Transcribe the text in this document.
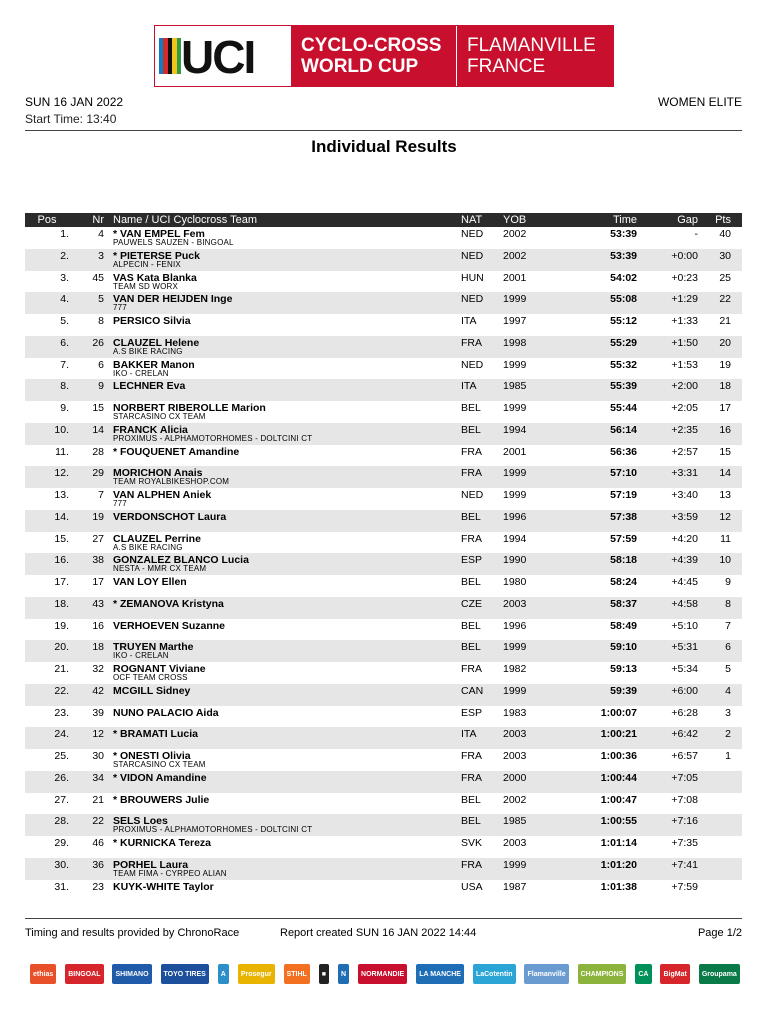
UCI CYCLO-CROSS
WORLD CUP
FLAMANVILLE
FRANCE
SUN 16 JAN 2022
Start Time: 13:40
WOMEN ELITE
Individual Results
Pos	Nr Name / UCI Cyclocross Team	NAT	YOB	Time	Gap	Pts
1.	4 * VAN EMPEL Fem	NED	2002	53:39	-	40
PAUWELS SAUZEN - BINGOAL
2.	3 * PIETERSE Puck	NED	2002	53:39	+0:00	30
ALPECIN - FENIX
3.	45 VAS Kata Blanka	HUN	2001	54:02	+0:23	25
TEAM SD WORX
4.	5 VAN DER HEIJDEN Inge	NED	1999	55:08	+1:29	22
777
5.	8 PERSICO Silvia	ITA	1997	55:12	+1:33	21
6.	26 CLAUZEL Helene	FRA	1998	55:29	+1:50	20
A.S BIKE RACING
7.	6 BAKKER Manon	NED	1999	55:32	+1:53	19
IKO - CRELAN
8.	9 LECHNER Eva	ITA	1985	55:39	+2:00	18
9.	15 NORBERT RIBEROLLE Marion	BEL	1999	55:44	+2:05	17
STARCASINO CX TEAM
10.	14 FRANCK Alicia	BEL	1994	56:14	+2:35	16
PROXIMUS - ALPHAMOTORHOMES - DOLTCINI CT
11.	28 * FOUQUENET Amandine	FRA	2001	56:36	+2:57	15
12.	29 MORICHON Anais	FRA	1999	57:10	+3:31	14
TEAM ROYALBIKESHOP.COM
13.	7 VAN ALPHEN Aniek	NED	1999	57:19	+3:40	13
777
14.	19 VERDONSCHOT Laura	BEL	1996	57:38	+3:59	12
15.	27 CLAUZEL Perrine	FRA	1994	57:59	+4:20	11
A.S BIKE RACING
16.	38 GONZALEZ BLANCO Lucia	ESP	1990	58:18	+4:39	10
NESTA - MMR CX TEAM
17.	17 VAN LOY Ellen	BEL	1980	58:24	+4:45	9
18.	43 * ZEMANOVA Kristyna	CZE	2003	58:37	+4:58	8
19.	16 VERHOEVEN Suzanne	BEL	1996	58:49	+5:10	7
20.	18 TRUYEN Marthe	BEL	1999	59:10	+5:31	6
IKO - CRELAN
21.	32 ROGNANT Viviane	FRA	1982	59:13	+5:34	5
OCF TEAM CROSS
22.	42 MCGILL Sidney	CAN	1999	59:39	+6:00	4
23.	39 NUNO PALACIO Aida	ESP	1983	1:00:07	+6:28	3
24.	12 * BRAMATI Lucia	ITA	2003	1:00:21	+6:42	2
25.	30 * ONESTI Olivia	FRA	2003	1:00:36	+6:57	1
STARCASINO CX TEAM
26.	34 * VIDON Amandine	FRA	2000	1:00:44	+7:05
27.	21 * BROUWERS Julie	BEL	2002	1:00:47	+7:08
28.	22 SELS Loes	BEL	1985	1:00:55	+7:16
PROXIMUS - ALPHAMOTORHOMES - DOLTCINI CT
29.	46 * KURNICKA Tereza	SVK	2003	1:01:14	+7:35
30.	36 PORHEL Laura	FRA	1999	1:01:20	+7:41
TEAM FIMA - CYRPEO ALIAN
31.	23 KUYK-WHITE Taylor	USA	1987	1:01:38	+7:59
Timing and results provided by ChronoRace	Report created SUN 16 JAN 2022 14:44	Page 1/2
ethias	BINGOAL	SHIMANO	TOYO TIRES	A	Prosegur	STIHL	■	N	NORMANDIE	LA MANCHE	LaCotentin	Flamanville	CHAMPIONS	CA	BigMat	Groupama
